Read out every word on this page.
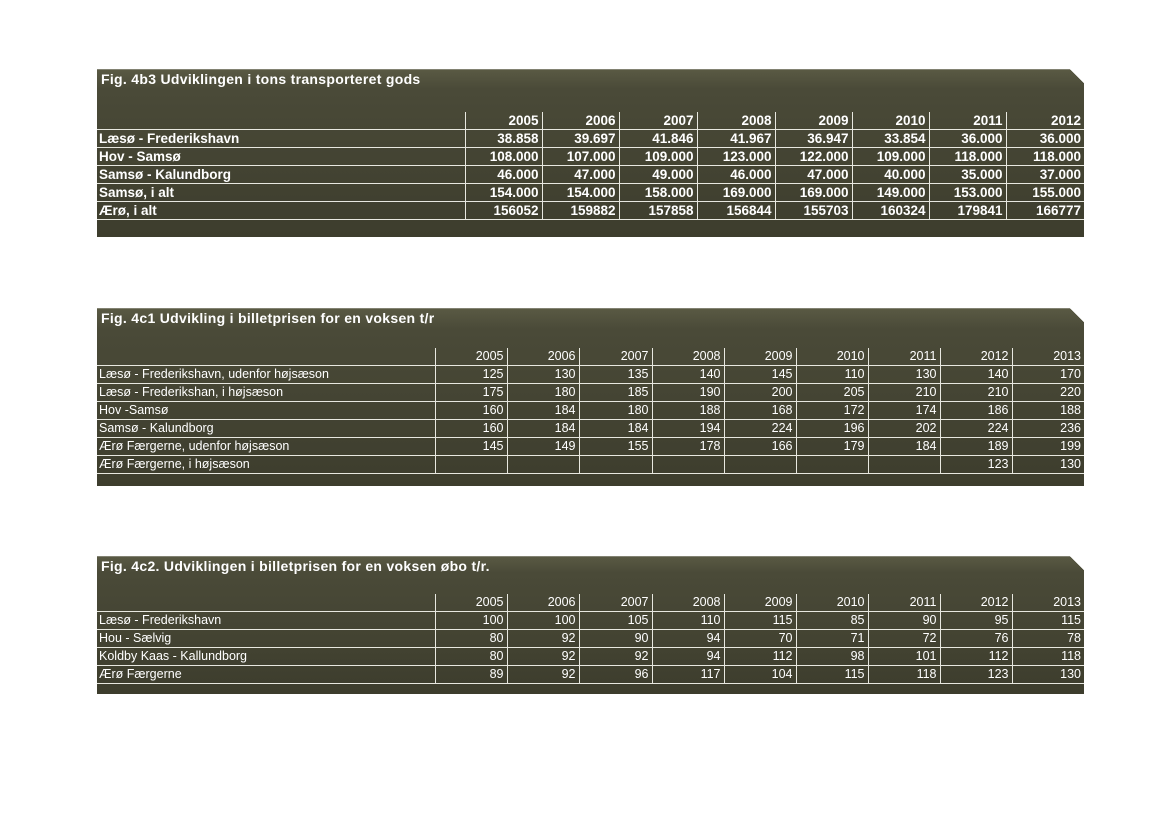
Fig. 4b3 Udviklingen i tons transporteret gods
	2005	2006	2007	2008	2009	2010	2011	2012
Læsø - Frederikshavn	38.858	39.697	41.846	41.967	36.947	33.854	36.000	36.000
Hov - Samsø	108.000	107.000	109.000	123.000	122.000	109.000	118.000	118.000
Samsø - Kalundborg	46.000	47.000	49.000	46.000	47.000	40.000	35.000	37.000
Samsø, i alt	154.000	154.000	158.000	169.000	169.000	149.000	153.000	155.000
Ærø, i alt	156052	159882	157858	156844	155703	160324	179841	166777
Fig. 4c1 Udvikling i billetprisen for en voksen t/r
	2005	2006	2007	2008	2009	2010	2011	2012	2013
Læsø - Frederikshavn, udenfor højsæson	125	130	135	140	145	110	130	140	170
Læsø - Frederikshan, i højsæson	175	180	185	190	200	205	210	210	220
Hov -Samsø	160	184	180	188	168	172	174	186	188
Samsø - Kalundborg	160	184	184	194	224	196	202	224	236
Ærø Færgerne, udenfor højsæson	145	149	155	178	166	179	184	189	199
Ærø Færgerne, i højsæson								123	130
Fig. 4c2. Udviklingen i billetprisen for en voksen øbo t/r.
	2005	2006	2007	2008	2009	2010	2011	2012	2013
Læsø - Frederikshavn	100	100	105	110	115	85	90	95	115
Hou - Sælvig	80	92	90	94	70	71	72	76	78
Koldby Kaas - Kallundborg	80	92	92	94	112	98	101	112	118
Ærø Færgerne	89	92	96	117	104	115	118	123	130
